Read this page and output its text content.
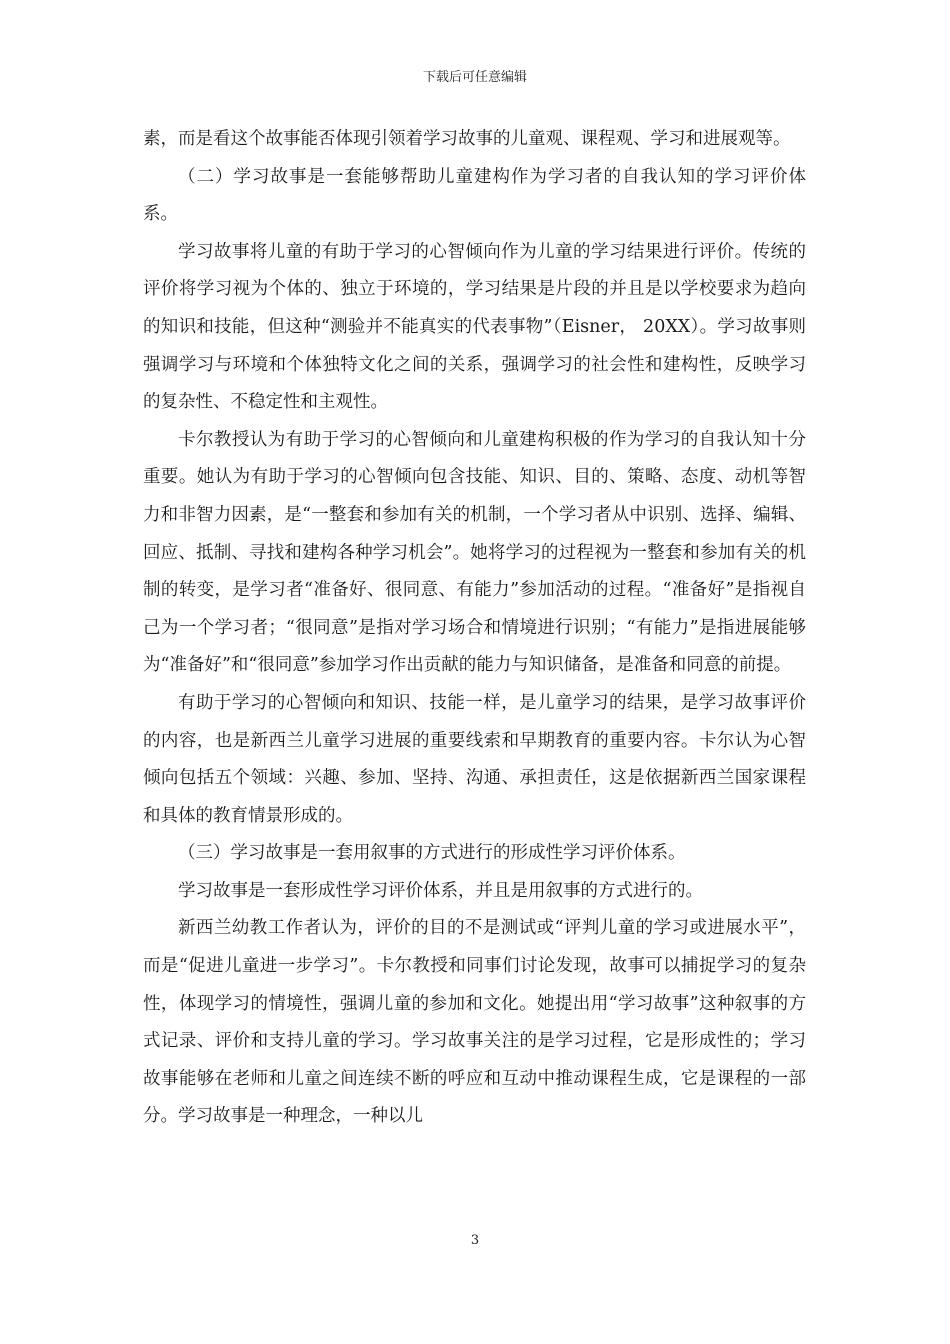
下载后可任意编辑

素，而是看这个故事能否体现引领着学习故事的儿童观、课程观、学习和进展观等。

（二）学习故事是一套能够帮助儿童建构作为学习者的自我认知的学习评价体系。

学习故事将儿童的有助于学习的心智倾向作为儿童的学习结果进行评价。传统的评价将学习视为个体的、独立于环境的，学习结果是片段的并且是以学校要求为趋向的知识和技能，但这种“测验并不能真实的代表事物”（Eisner， 20XX）。学习故事则强调学习与环境和个体独特文化之间的关系，强调学习的社会性和建构性，反映学习的复杂性、不稳定性和主观性。

卡尔教授认为有助于学习的心智倾向和儿童建构积极的作为学习的自我认知十分重要。她认为有助于学习的心智倾向包含技能、知识、目的、策略、态度、动机等智力和非智力因素，是“一整套和参加有关的机制，一个学习者从中识别、选择、编辑、回应、抵制、寻找和建构各种学习机会”。她将学习的过程视为一整套和参加有关的机制的转变，是学习者“准备好、很同意、有能力”参加活动的过程。“准备好”是指视自己为一个学习者；“很同意”是指对学习场合和情境进行识别；“有能力”是指进展能够为“准备好”和“很同意”参加学习作出贡献的能力与知识储备，是准备和同意的前提。

有助于学习的心智倾向和知识、技能一样，是儿童学习的结果，是学习故事评价的内容，也是新西兰儿童学习进展的重要线索和早期教育的重要内容。卡尔认为心智倾向包括五个领域：兴趣、参加、坚持、沟通、承担责任，这是依据新西兰国家课程和具体的教育情景形成的。

（三）学习故事是一套用叙事的方式进行的形成性学习评价体系。

学习故事是一套形成性学习评价体系，并且是用叙事的方式进行的。

新西兰幼教工作者认为，评价的目的不是测试或“评判儿童的学习或进展水平”，而是“促进儿童进一步学习”。卡尔教授和同事们讨论发现，故事可以捕捉学习的复杂性，体现学习的情境性，强调儿童的参加和文化。她提出用“学习故事”这种叙事的方式记录、评价和支持儿童的学习。学习故事关注的是学习过程，它是形成性的；学习故事能够在老师和儿童之间连续不断的呼应和互动中推动课程生成，它是课程的一部分。学习故事是一种理念，一种以儿

3
